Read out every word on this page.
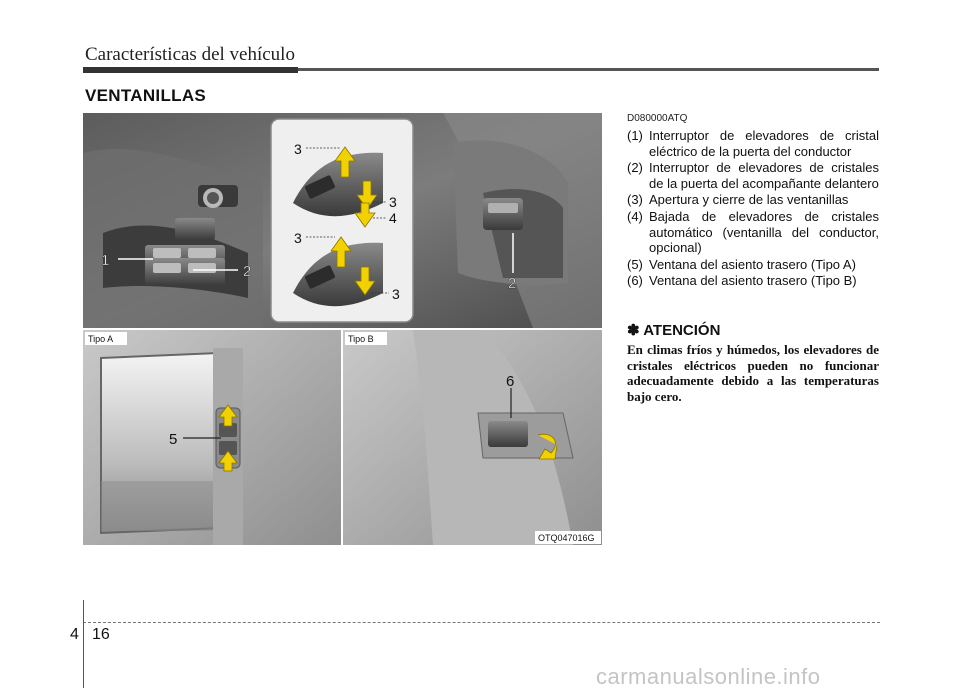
Características del vehículo
VENTANILLAS
1
2
2
3
3
4
3
3
5
Tipo A
6
Tipo B
OTQ047016G
D080000ATQ
(1) Interruptor de elevadores de cristal eléctrico de la puerta del conductor
(2) Interruptor de elevadores de cristales de la puerta del acompañante delantero
(3) Apertura y cierre de las ventanillas
(4) Bajada de elevadores de cristales automático (ventanilla del conductor, opcional)
(5) Ventana del asiento trasero (Tipo A)
(6) Ventana del asiento trasero (Tipo B)
✽ ATENCIÓN
En climas fríos y húmedos, los elevadores de cristales eléctricos pueden no funcionar adecuadamente debido a las temperaturas bajo cero.
4 16
carmanualsonline.info
